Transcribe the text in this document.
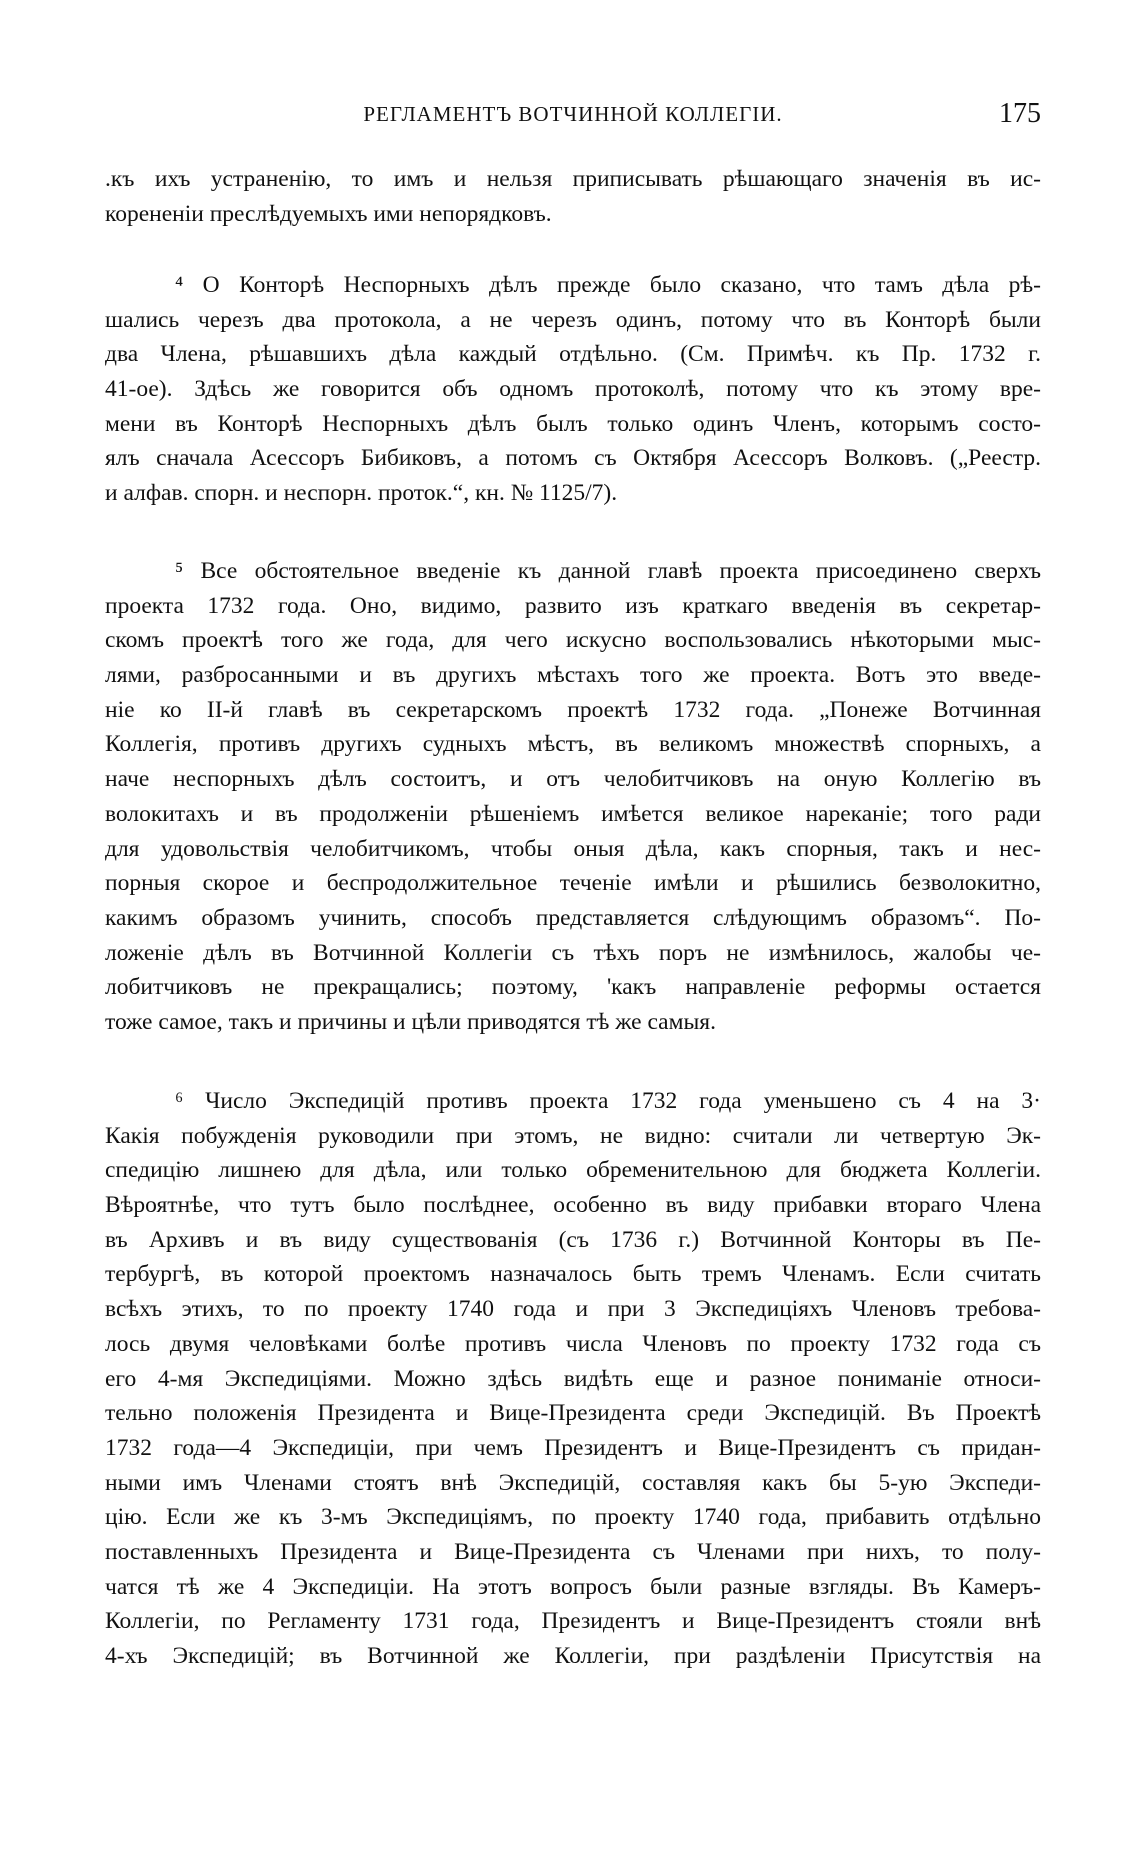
РЕГЛАМЕНТЪ ВОТЧИННОЙ КОЛЛЕГІИ.	175
.къ ихъ устраненію, то имъ и нельзя приписывать рѣшающаго значенія въ ис-
корененіи преслѣдуемыхъ ими непорядковъ.
⁴ О Конторѣ Неспорныхъ дѣлъ прежде было сказано, что тамъ дѣла рѣ-
шались черезъ два протокола, а не черезъ одинъ, потому что въ Конторѣ были
два Члена, рѣшавшихъ дѣла каждый отдѣльно. (См. Примѣч. къ Пр. 1732 г.
41-ое). Здѣсь же говорится объ одномъ протоколѣ, потому что къ этому вре-
мени въ Конторѣ Неспорныхъ дѣлъ былъ только одинъ Членъ, которымъ состо-
ялъ сначала Асессоръ Бибиковъ, а потомъ съ Октября Асессоръ Волковъ. („Реестр.
и алфав. спорн. и неспорн. проток.“, кн. № 1125/7).
⁵ Все обстоятельное введеніе къ данной главѣ проекта присоединено сверхъ
проекта 1732 года. Оно, видимо, развито изъ краткаго введенія въ секретар-
скомъ проектѣ того же года, для чего искусно воспользовались нѣкоторыми мыс-
лями, разбросанными и въ другихъ мѣстахъ того же проекта. Вотъ это введе-
ніе ко II-й главѣ въ секретарскомъ проектѣ 1732 года. „Понеже Вотчинная
Коллегія, противъ другихъ судныхъ мѣстъ, въ великомъ множествѣ спорныхъ, а
наче неспорныхъ дѣлъ состоитъ, и отъ челобитчиковъ на оную Коллегію въ
волокитахъ и въ продолженіи рѣшеніемъ имѣется великое нареканіе; того ради
для удовольствія челобитчикомъ, чтобы оныя дѣла, какъ спорныя, такъ и нес-
порныя скорое и беспродолжительное теченіе имѣли и рѣшились безволокитно,
какимъ образомъ учинить, способъ представляется слѣдующимъ образомъ“. По-
ложеніе дѣлъ въ Вотчинной Коллегіи съ тѣхъ поръ не измѣнилось, жалобы че-
лобитчиковъ не прекращались; поэтому, 'какъ направленіе реформы остается
тоже самое, такъ и причины и цѣли приводятся тѣ же самыя.
⁶ Число Экспедицій противъ проекта 1732 года уменьшено съ 4 на 3·
Какія побужденія руководили при этомъ, не видно: считали ли четвертую Эк-
спедицію лишнею для дѣла, или только обременительною для бюджета Коллегіи.
Вѣроятнѣе, что тутъ было послѣднее, особенно въ виду прибавки втораго Члена
въ Архивъ и въ виду существованія (съ 1736 г.) Вотчинной Конторы въ Пе-
тербургѣ, въ которой проектомъ назначалось быть тремъ Членамъ. Если считать
всѣхъ этихъ, то по проекту 1740 года и при 3 Экспедиціяхъ Членовъ требова-
лось двумя человѣками болѣе противъ числа Членовъ по проекту 1732 года съ
его 4-мя Экспедиціями. Можно здѣсь видѣть еще и разное пониманіе относи-
тельно положенія Президента и Вице-Президента среди Экспедицій. Въ Проектѣ
1732 года—4 Экспедиціи, при чемъ Президентъ и Вице-Президентъ съ придан-
ными имъ Членами стоятъ внѣ Экспедицій, составляя какъ бы 5-ую Экспеди-
цію. Если же къ 3-мъ Экспедиціямъ, по проекту 1740 года, прибавить отдѣльно
поставленныхъ Президента и Вице-Президента съ Членами при нихъ, то полу-
чатся тѣ же 4 Экспедиціи. На этотъ вопросъ были разные взгляды. Въ Камеръ-
Коллегіи, по Регламенту 1731 года, Президентъ и Вице-Президентъ стояли внѣ
4-хъ Экспедицій; въ Вотчинной же Коллегіи, при раздѣленіи Присутствія на
